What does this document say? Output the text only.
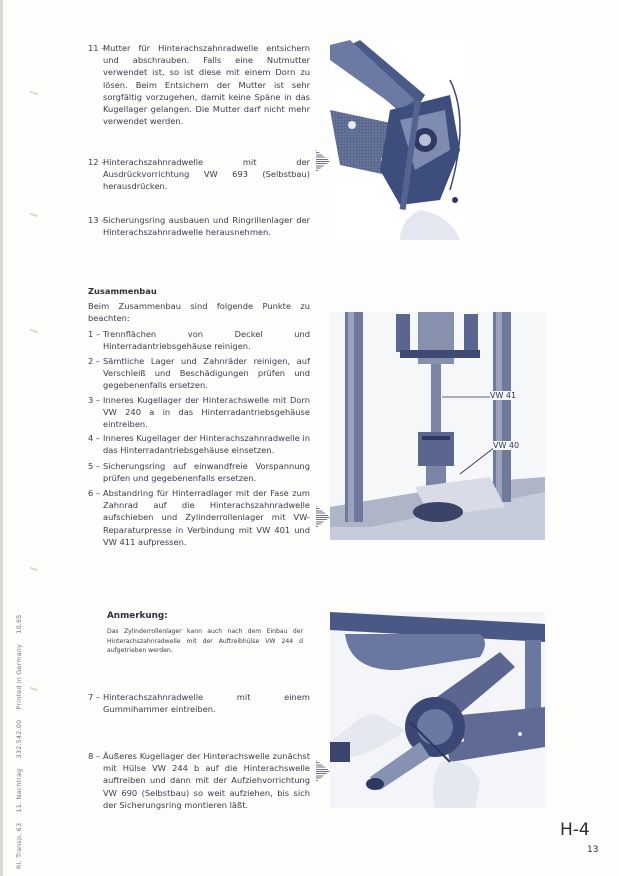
Rl. Transp. 63 11. Nachtrag 332.542.00 Printed in Germany 10.65
11 –
Mutter für Hinterachszahnradwelle entsichern und abschrauben. Falls eine Nutmutter verwendet ist, so ist diese mit einem Dorn zu lösen. Beim Entsichern der Mutter ist sehr sorgfältig vorzugehen, damit keine Späne in das Kugellager gelangen. Die Mutter darf nicht mehr verwendet werden.
12 –
Hinterachszahnradwelle mit der Ausdrückvorrichtung VW 693 (Selbstbau) herausdrücken.
13 –
Sicherungsring ausbauen und Ringrillenlager der Hinterachszahnradwelle herausnehmen.
Zusammenbau
Beim Zusammenbau sind folgende Punkte zu beachten:
1 – Trennflächen von Deckel und Hinterradantriebsgehäuse reinigen.
2 – Sämtliche Lager und Zahnräder reinigen, auf Verschleiß und Beschädigungen prüfen und gegebenenfalls ersetzen.
3 – Inneres Kugellager der Hinterachswelle mit Dorn VW 240 a in das Hinterradantriebsgehäuse eintreiben.
4 – Inneres Kugellager der Hinterachszahnradwelle in das Hinterradantriebsgehäuse einsetzen.
5 – Sicherungsring auf einwandfreie Vorspannung prüfen und gegebenenfalls ersetzen.
6 – Abstandring für Hinterradlager mit der Fase zum Zahnrad auf die Hinterachszahnradwelle aufschieben und Zylinderrollenlager mit VW-Reparaturpresse in Verbindung mit VW 401 und VW 411 aufpressen.
Anmerkung:
Das Zylinderrollenlager kann auch nach dem Einbau der Hinterachszahnradwelle mit der Auftreibhülse VW 244 d aufgetrieben werden.
7 – Hinterachszahnradwelle mit einem Gummihammer eintreiben.
8 – Äußeres Kugellager der Hinterachswelle zunächst mit Hülse VW 244 b auf die Hinterachswelle auftreiben und dann mit der Aufziehvorrichtung VW 690 (Selbstbau) so weit aufziehen, bis sich der Sicherungsring montieren läßt.
VW 41
VW 40
H-4
13
